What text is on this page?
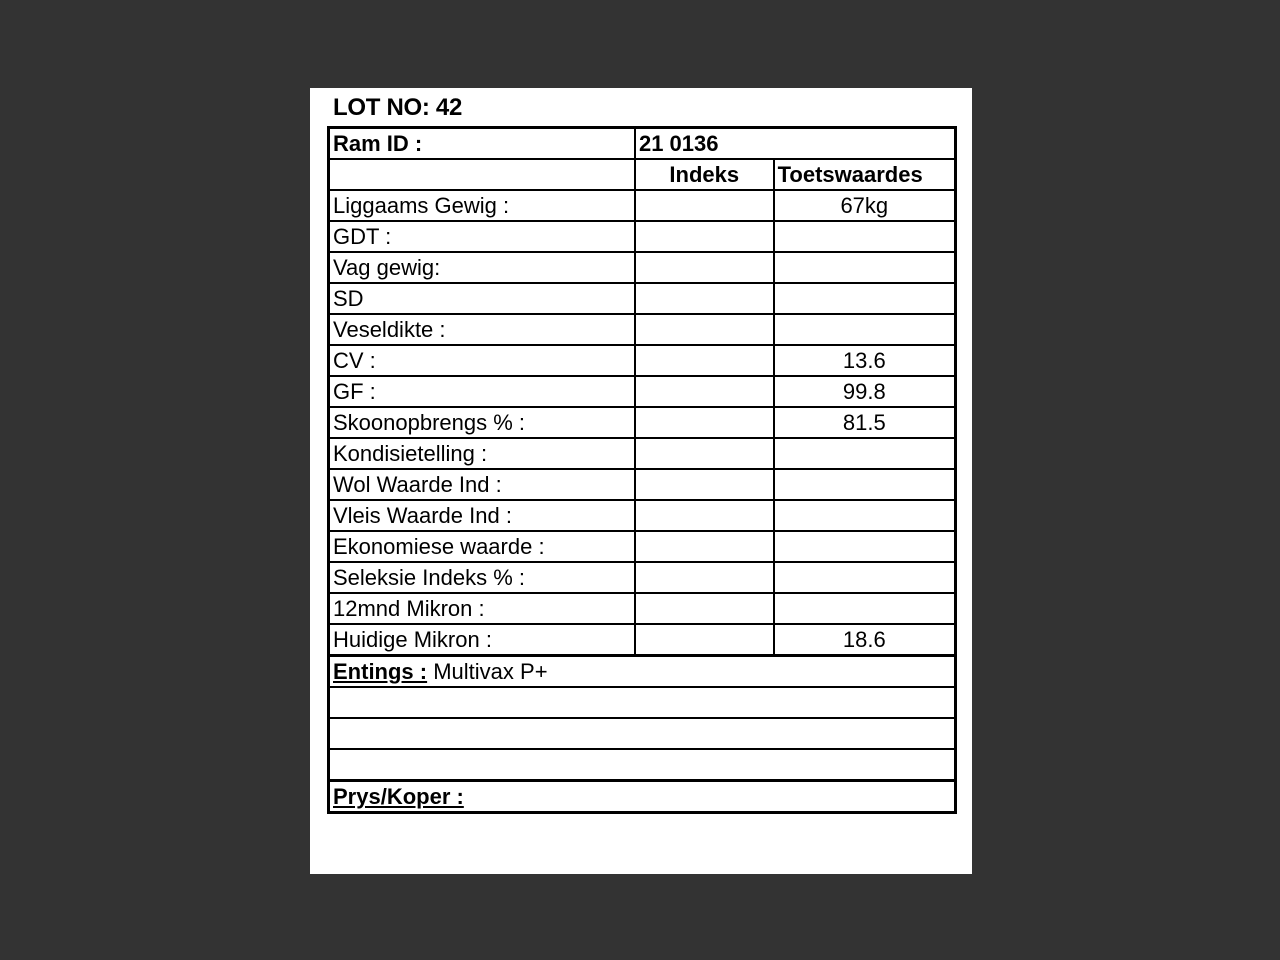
LOT NO: 42
Ram ID :	21 0136	
	Indeks	Toetswaardes
Liggaams Gewig :		67kg
GDT :		
Vag gewig:		
SD		
Veseldikte :		
CV :		13.6
GF :		99.8
Skoonopbrengs % :		81.5
Kondisietelling :		
Wol Waarde Ind :		
Vleis Waarde Ind :		
Ekonomiese waarde :		
Seleksie Indeks % :		
12mnd Mikron :		
Huidige Mikron :		18.6
Entings : Multivax P+		

Prys/Koper :		
